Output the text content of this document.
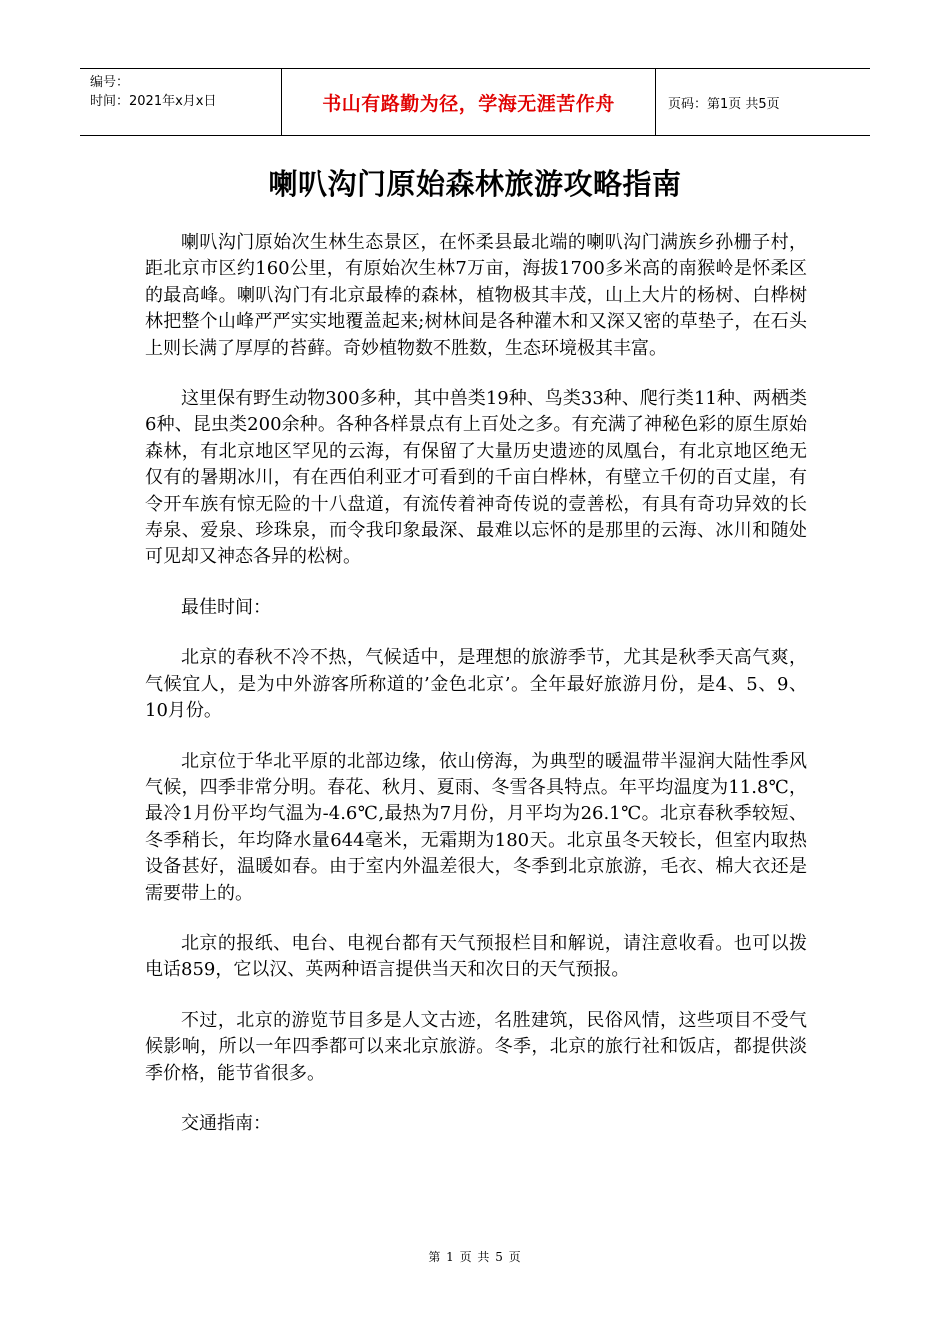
编号：
时间：2021年x月x日	书山有路勤为径，学海无涯苦作舟	页码：第1页 共5页
喇叭沟门原始森林旅游攻略指南

喇叭沟门原始次生林生态景区，在怀柔县最北端的喇叭沟门满族乡孙栅子村，距北京市区约160公里，有原始次生林7万亩，海拔1700多米高的南猴岭是怀柔区的最高峰。喇叭沟门有北京最棒的森林，植物极其丰茂，山上大片的杨树、白桦树林把整个山峰严严实实地覆盖起来;树林间是各种灌木和又深又密的草垫子，在石头上则长满了厚厚的苔藓。奇妙植物数不胜数，生态环境极其丰富。

这里保有野生动物300多种，其中兽类19种、鸟类33种、爬行类11种、两栖类6种、昆虫类200余种。各种各样景点有上百处之多。有充满了神秘色彩的原生原始森林，有北京地区罕见的云海，有保留了大量历史遗迹的凤凰台，有北京地区绝无仅有的暑期冰川，有在西伯利亚才可看到的千亩白桦林，有壁立千仞的百丈崖，有令开车族有惊无险的十八盘道，有流传着神奇传说的壹善松，有具有奇功异效的长寿泉、爱泉、珍珠泉，而令我印象最深、最难以忘怀的是那里的云海、冰川和随处可见却又神态各异的松树。

最佳时间：

北京的春秋不冷不热，气候适中，是理想的旅游季节，尤其是秋季天高气爽，气候宜人，是为中外游客所称道的’金色北京’。全年最好旅游月份，是4、5、9、10月份。

北京位于华北平原的北部边缘，依山傍海，为典型的暖温带半湿润大陆性季风气候，四季非常分明。春花、秋月、夏雨、冬雪各具特点。年平均温度为11.8℃，最冷1月份平均气温为-4.6℃,最热为7月份，月平均为26.1℃。北京春秋季较短、冬季稍长，年均降水量644毫米，无霜期为180天。北京虽冬天较长，但室内取热设备甚好，温暖如春。由于室内外温差很大，冬季到北京旅游，毛衣、棉大衣还是需要带上的。

北京的报纸、电台、电视台都有天气预报栏目和解说，请注意收看。也可以拨电话859，它以汉、英两种语言提供当天和次日的天气预报。

不过，北京的游览节目多是人文古迹，名胜建筑，民俗风情，这些项目不受气候影响，所以一年四季都可以来北京旅游。冬季，北京的旅行社和饭店，都提供淡季价格，能节省很多。

交通指南：

第 1 页 共 5 页
